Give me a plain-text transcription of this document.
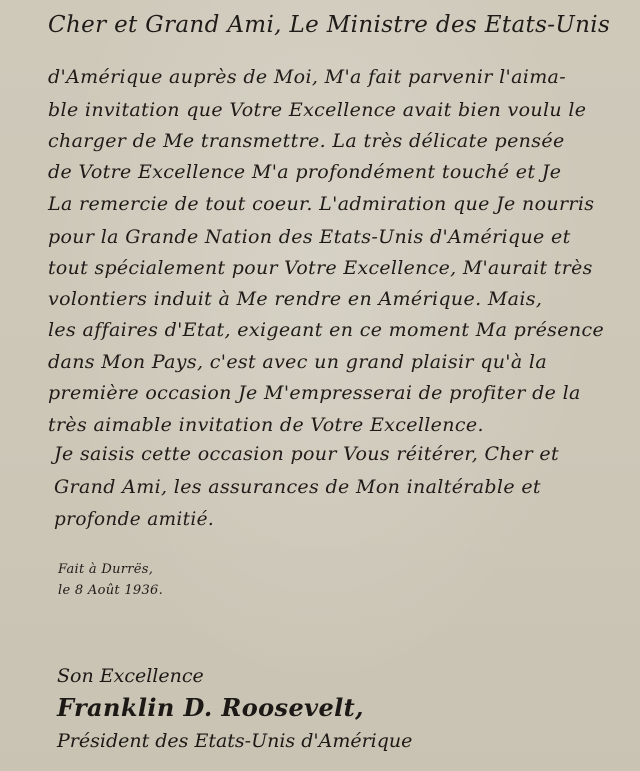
Cher et Grand Ami, Le Ministre des Etats-Unis
d'Amérique auprès de Moi, M'a fait parvenir l'aima-
ble invitation que Votre Excellence avait bien voulu le
charger de Me transmettre. La très délicate pensée
de Votre Excellence M'a profondément touché et Je
La remercie de tout coeur. L'admiration que Je nourris
pour la Grande Nation des Etats-Unis d'Amérique et
tout spécialement pour Votre Excellence, M'aurait très
volontiers induit à Me rendre en Amérique. Mais,
les affaires d'Etat, exigeant en ce moment Ma présence
dans Mon Pays, c'est avec un grand plaisir qu'à la
première occasion Je M'empresserai de profiter de la
très aimable invitation de Votre Excellence.
Je saisis cette occasion pour Vous réitérer, Cher et
Grand Ami, les assurances de Mon inaltérable et
profonde amitié.
Fait à Durrës,
le 8 Août 1936.
Son Excellence
Franklin D. Roosevelt,
Président des Etats-Unis d'Amérique
